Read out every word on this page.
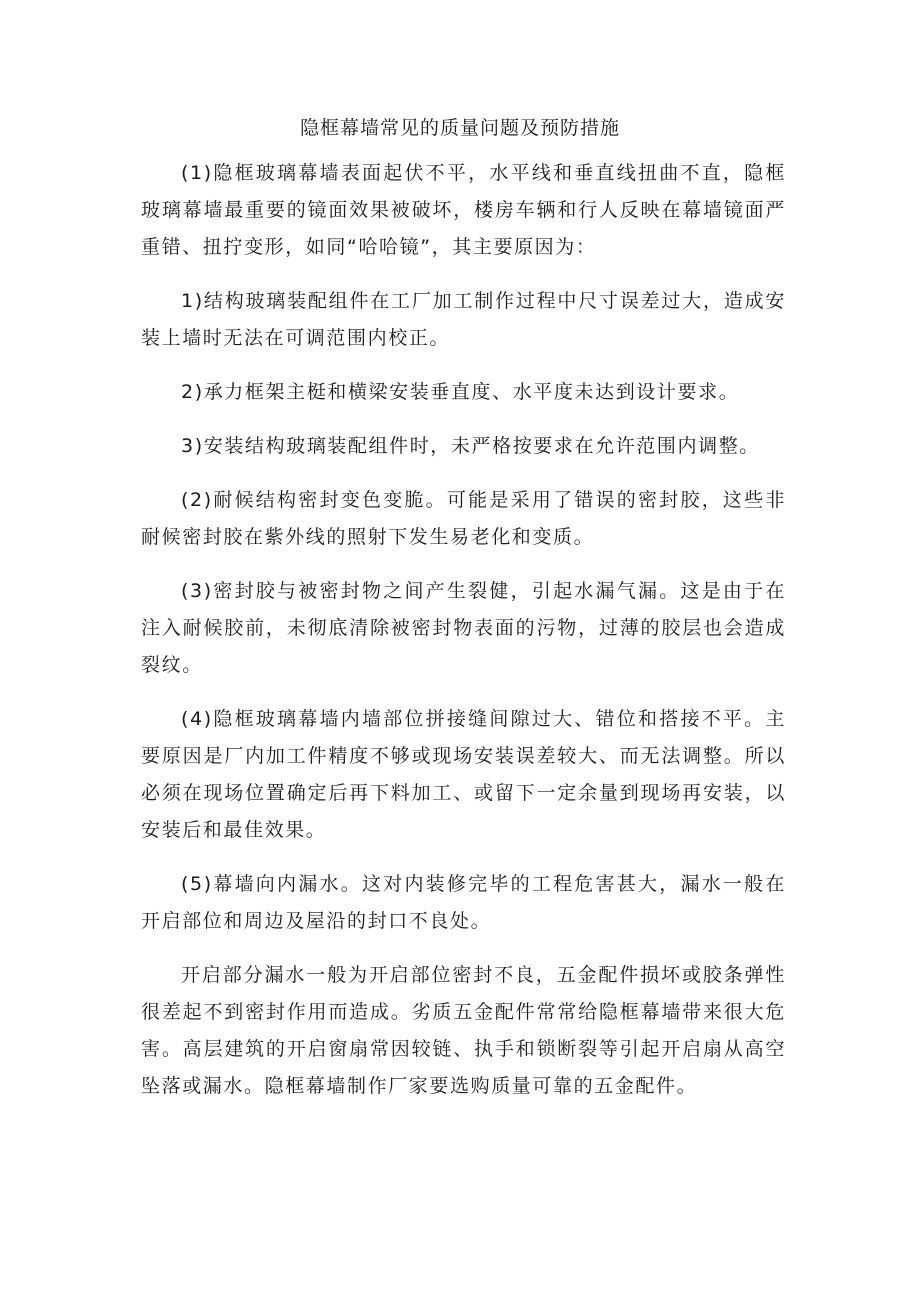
隐框幕墙常见的质量问题及预防措施

(1)隐框玻璃幕墙表面起伏不平，水平线和垂直线扭曲不直，隐框玻璃幕墙最重要的镜面效果被破坏，楼房车辆和行人反映在幕墙镜面严重错、扭拧变形，如同“哈哈镜”，其主要原因为：

1)结构玻璃装配组件在工厂加工制作过程中尺寸误差过大，造成安装上墙时无法在可调范围内校正。

2)承力框架主梃和横梁安装垂直度、水平度未达到设计要求。

3)安装结构玻璃装配组件时，未严格按要求在允许范围内调整。

(2)耐候结构密封变色变脆。可能是采用了错误的密封胶，这些非耐候密封胶在紫外线的照射下发生易老化和变质。

(3)密封胶与被密封物之间产生裂健，引起水漏气漏。这是由于在注入耐候胶前，未彻底清除被密封物表面的污物，过薄的胶层也会造成裂纹。

(4)隐框玻璃幕墙内墙部位拼接缝间隙过大、错位和搭接不平。主要原因是厂内加工件精度不够或现场安装误差较大、而无法调整。所以必须在现场位置确定后再下料加工、或留下一定余量到现场再安装，以安装后和最佳效果。

(5)幕墙向内漏水。这对内装修完毕的工程危害甚大，漏水一般在开启部位和周边及屋沿的封口不良处。

开启部分漏水一般为开启部位密封不良，五金配件损坏或胶条弹性很差起不到密封作用而造成。劣质五金配件常常给隐框幕墙带来很大危害。高层建筑的开启窗扇常因较链、执手和锁断裂等引起开启扇从高空坠落或漏水。隐框幕墙制作厂家要选购质量可靠的五金配件。
